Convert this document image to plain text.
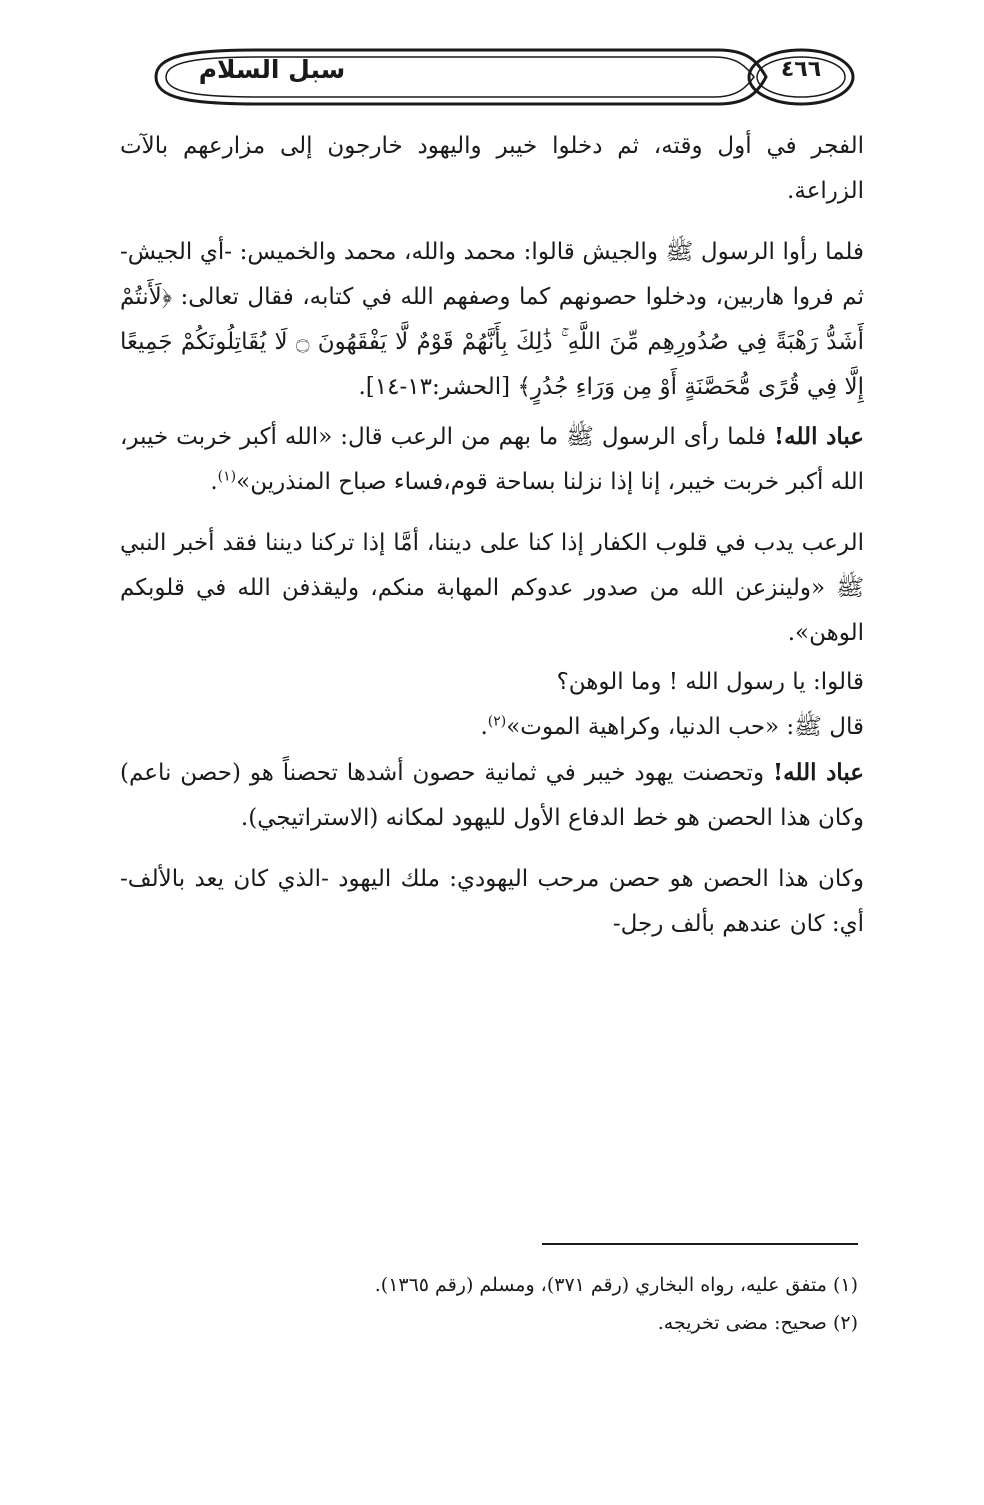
سبل السلام	٤٦٦

الفجر في أول وقته، ثم دخلوا خيبر واليهود خارجون إلى مزارعهم بالآت الزراعة.

فلما رأوا الرسول ﷺ والجيش قالوا: محمد والله، محمد والخميس: -أي الجيش- ثم فروا هاربين، ودخلوا حصونهم كما وصفهم الله في كتابه، فقال تعالى: ﴿لَأَنتُمْ أَشَدُّ رَهْبَةً فِي صُدُورِهِم مِّنَ اللَّهِ ۚ ذَٰلِكَ بِأَنَّهُمْ قَوْمٌ لَّا يَفْقَهُونَ ۝ لَا يُقَاتِلُونَكُمْ جَمِيعًا إِلَّا فِي قُرًى مُّحَصَّنَةٍ أَوْ مِن وَرَاءِ جُدُرٍ﴾ [الحشر:١٣-١٤].

عباد الله! فلما رأى الرسول ﷺ ما بهم من الرعب قال: «الله أكبر خربت خيبر، الله أكبر خربت خيبر، إنا إذا نزلنا بساحة قوم،فساء صباح المنذرين»$^{(١)}$.

الرعب يدب في قلوب الكفار إذا كنا على ديننا، أمَّا إذا تركنا ديننا فقد أخبر النبي ﷺ «ولينزعن الله من صدور عدوكم المهابة منكم، وليقذفن الله في قلوبكم الوهن».

قالوا: يا رسول الله ! وما الوهن؟

قال ﷺ: «حب الدنيا، وكراهية الموت»$^{(٢)}$.

عباد الله! وتحصنت يهود خيبر في ثمانية حصون أشدها تحصناً هو (حصن ناعم) وكان هذا الحصن هو خط الدفاع الأول لليهود لمكانه (الاستراتيجي).

وكان هذا الحصن هو حصن مرحب اليهودي: ملك اليهود -الذي كان يعد بالألف- أي: كان عندهم بألف رجل-

(١) متفق عليه، رواه البخاري (رقم ٣٧١)، ومسلم (رقم ١٣٦٥).

(٢) صحيح: مضى تخريجه.
